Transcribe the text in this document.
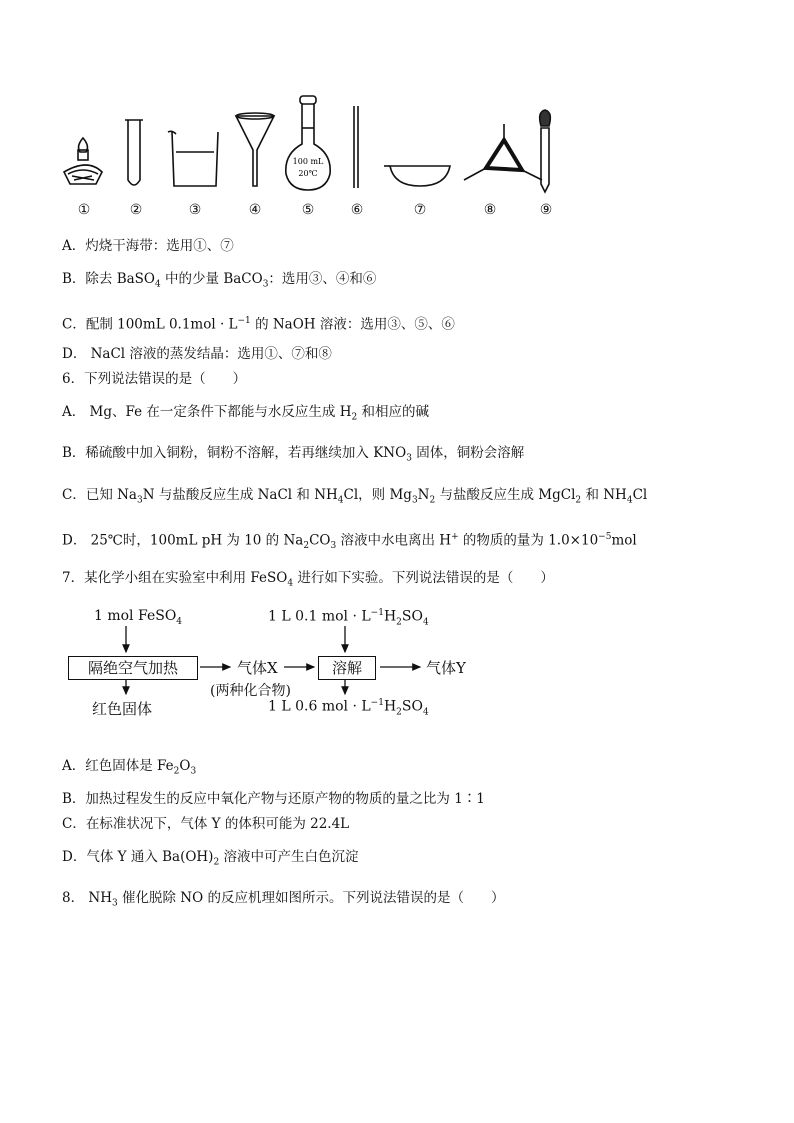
100 mL
20℃
①	②	③	④	⑤	⑥	⑦	⑧	⑨
A．灼烧干海带：选用①、⑦
B．除去 BaSO$_4$ 中的少量 BaCO$_3$：选用③、④和⑥
C．配制 100mL $0.1mol \cdot L^{-1}$ 的 NaOH 溶液：选用③、⑤、⑥
D． NaCl 溶液的蒸发结晶：选用①、⑦和⑧
6．下列说法错误的是（　　）
A． Mg、Fe 在一定条件下都能与水反应生成 $H_2$ 和相应的碱
B．稀硫酸中加入铜粉，铜粉不溶解，若再继续加入 $KNO_3$ 固体，铜粉会溶解
C．已知 $Na_3N$ 与盐酸反应生成 NaCl 和 $NH_4Cl$，则 $Mg_3N_2$ 与盐酸反应生成 MgCl$_2$ 和 $NH_4Cl$
D． 25℃时，100mL pH 为 10 的 $Na_2CO_3$ 溶液中水电离出 H+ 的物质的量为 $1.0\times 10^{-5}mol$
7．某化学小组在实验室中利用 FeSO$_4$ 进行如下实验。下列说法错误的是（　　）
1 mol FeSO$_4$
隔绝空气加热
红色固体
气体X
(两种化合物)
1 L 0.1 mol · $L^{-1}H_2SO_4$
溶解	气体Y
1 L 0.6 mol · $L^{-1}H_2SO_4$
A．红色固体是 $Fe_2O_3$
B．加热过程发生的反应中氧化产物与还原产物的物质的量之比为 1∶1
C．在标准状况下，气体 Y 的体积可能为 22.4L
D．气体 Y 通入 $Ba(OH)_2$ 溶液中可产生白色沉淀
8． $NH_3$ 催化脱除 NO 的反应机理如图所示。下列说法错误的是（　　）
